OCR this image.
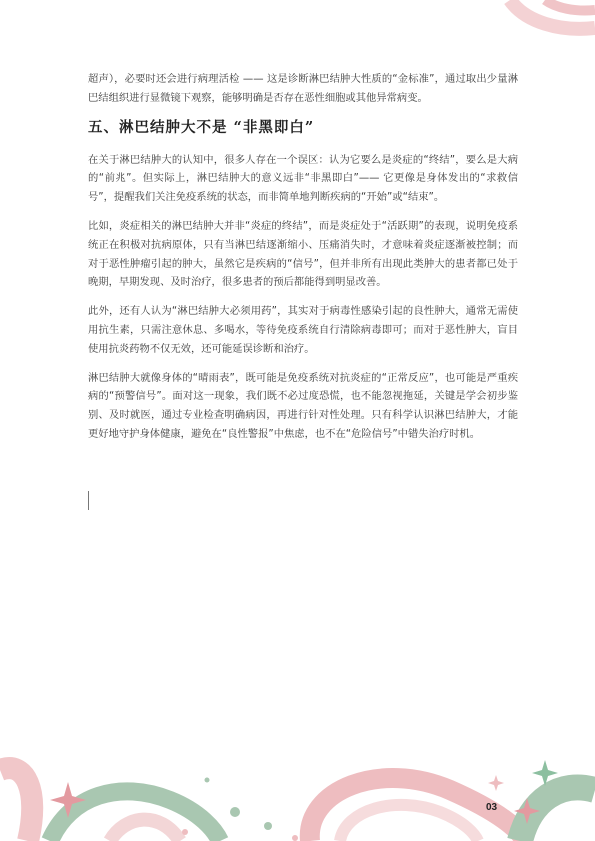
超声），必要时还会进行病理活检 —— 这是诊断淋巴结肿大性质的“金标准”，通过取出少量淋巴结组织进行显微镜下观察，能够明确是否存在恶性细胞或其他异常病变。

五、淋巴结肿大不是 “非黑即白”

在关于淋巴结肿大的认知中，很多人存在一个误区：认为它要么是炎症的“终结”，要么是大病的“前兆”。但实际上，淋巴结肿大的意义远非“非黑即白”—— 它更像是身体发出的“求救信号”，提醒我们关注免疫系统的状态，而非简单地判断疾病的“开始”或“结束”。

比如，炎症相关的淋巴结肿大并非“炎症的终结”，而是炎症处于“活跃期”的表现，说明免疫系统正在积极对抗病原体，只有当淋巴结逐渐缩小、压痛消失时，才意味着炎症逐渐被控制；而对于恶性肿瘤引起的肿大，虽然它是疾病的“信号”，但并非所有出现此类肿大的患者都已处于晚期，早期发现、及时治疗，很多患者的预后都能得到明显改善。

此外，还有人认为“淋巴结肿大必须用药”，其实对于病毒性感染引起的良性肿大，通常无需使用抗生素，只需注意休息、多喝水，等待免疫系统自行清除病毒即可；而对于恶性肿大，盲目使用抗炎药物不仅无效，还可能延误诊断和治疗。

淋巴结肿大就像身体的“晴雨表”，既可能是免疫系统对抗炎症的“正常反应”，也可能是严重疾病的“预警信号”。面对这一现象，我们既不必过度恐慌，也不能忽视拖延，关键是学会初步鉴别、及时就医，通过专业检查明确病因，再进行针对性处理。只有科学认识淋巴结肿大，才能更好地守护身体健康，避免在“良性警报”中焦虑，也不在“危险信号”中错失治疗时机。

03
